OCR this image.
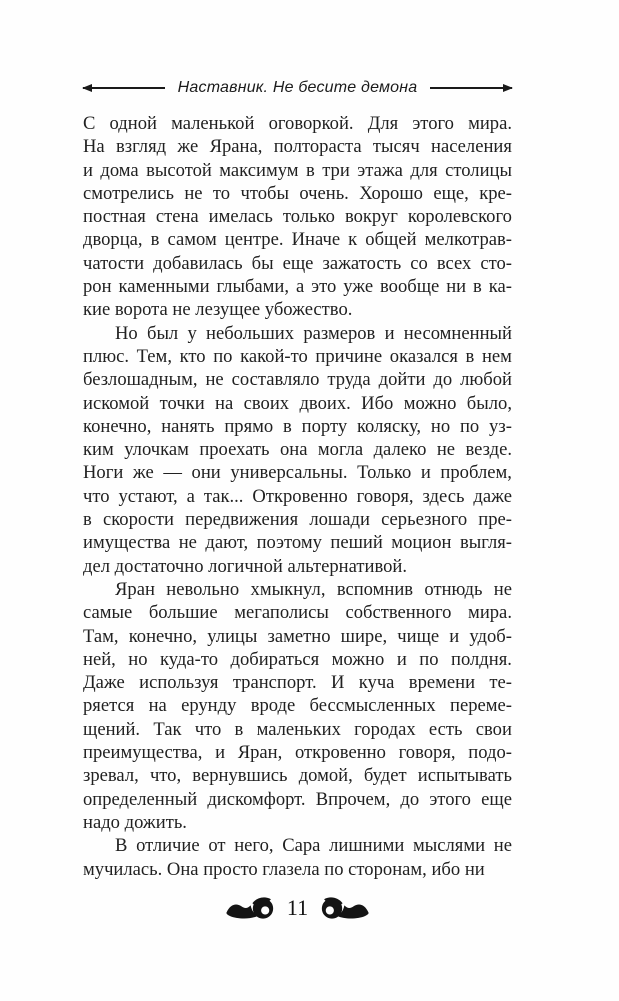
Наставник. Не бесите демона
С одной маленькой оговоркой. Для этого мира.
На взгляд же Ярана, полтораста тысяч населения
и дома высотой максимум в три этажа для столицы
смотрелись не то чтобы очень. Хорошо еще, кре-
постная стена имелась только вокруг королевского
дворца, в самом центре. Иначе к общей мелкотрав-
чатости добавилась бы еще зажатость со всех сто-
рон каменными глыбами, а это уже вообще ни в ка-
кие ворота не лезущее убожество.
Но был у небольших размеров и несомненный
плюс. Тем, кто по какой-то причине оказался в нем
безлошадным, не составляло труда дойти до любой
искомой точки на своих двоих. Ибо можно было,
конечно, нанять прямо в порту коляску, но по уз-
ким улочкам проехать она могла далеко не везде.
Ноги же — они универсальны. Только и проблем,
что устают, а так... Откровенно говоря, здесь даже
в скорости передвижения лошади серьезного пре-
имущества не дают, поэтому пеший моцион выгля-
дел достаточно логичной альтернативой.
Яран невольно хмыкнул, вспомнив отнюдь не
самые большие мегаполисы собственного мира.
Там, конечно, улицы заметно шире, чище и удоб-
ней, но куда-то добираться можно и по полдня.
Даже используя транспорт. И куча времени те-
ряется на ерунду вроде бессмысленных переме-
щений. Так что в маленьких городах есть свои
преимущества, и Яран, откровенно говоря, подо-
зревал, что, вернувшись домой, будет испытывать
определенный дискомфорт. Впрочем, до этого еще
надо дожить.
В отличие от него, Сара лишними мыслями не
мучилась. Она просто глазела по сторонам, ибо ни
11
